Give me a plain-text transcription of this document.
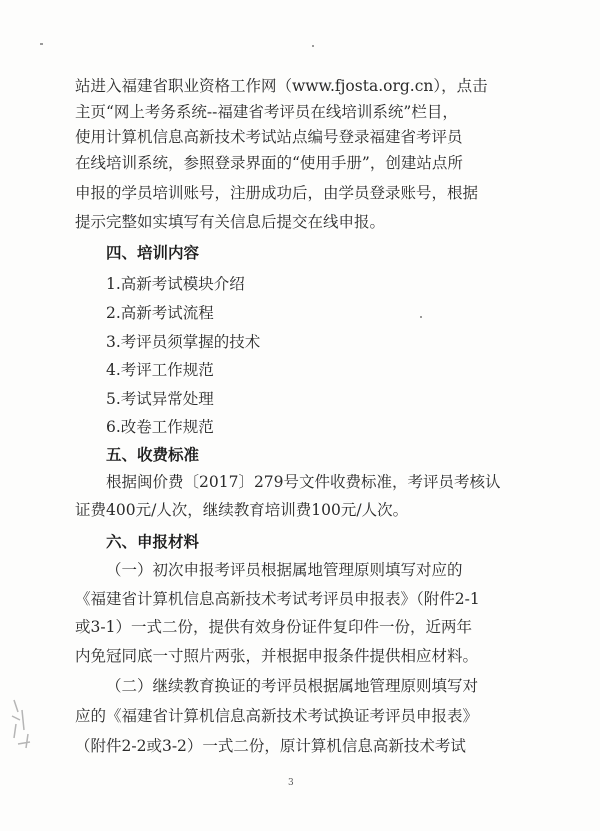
站进入福建省职业资格工作网（www.fjosta.org.cn），点击
主页“网上考务系统--福建省考评员在线培训系统”栏目，
使用计算机信息高新技术考试站点编号登录福建省考评员
在线培训系统，参照登录界面的“使用手册”，创建站点所
申报的学员培训账号，注册成功后，由学员登录账号，根据
提示完整如实填写有关信息后提交在线申报。
四、培训内容
1.高新考试模块介绍
2.高新考试流程
3.考评员须掌握的技术
4.考评工作规范
5.考试异常处理
6.改卷工作规范
五、收费标准
根据闽价费〔2017〕279号文件收费标准，考评员考核认
证费400元/人次，继续教育培训费100元/人次。
六、申报材料
（一）初次申报考评员根据属地管理原则填写对应的
《福建省计算机信息高新技术考试考评员申报表》（附件2-1
或3-1）一式二份，提供有效身份证件复印件一份，近两年
内免冠同底一寸照片两张，并根据申报条件提供相应材料。
（二）继续教育换证的考评员根据属地管理原则填写对
应的《福建省计算机信息高新技术考试换证考评员申报表》
（附件2-2或3-2）一式二份，原计算机信息高新技术考试
3
